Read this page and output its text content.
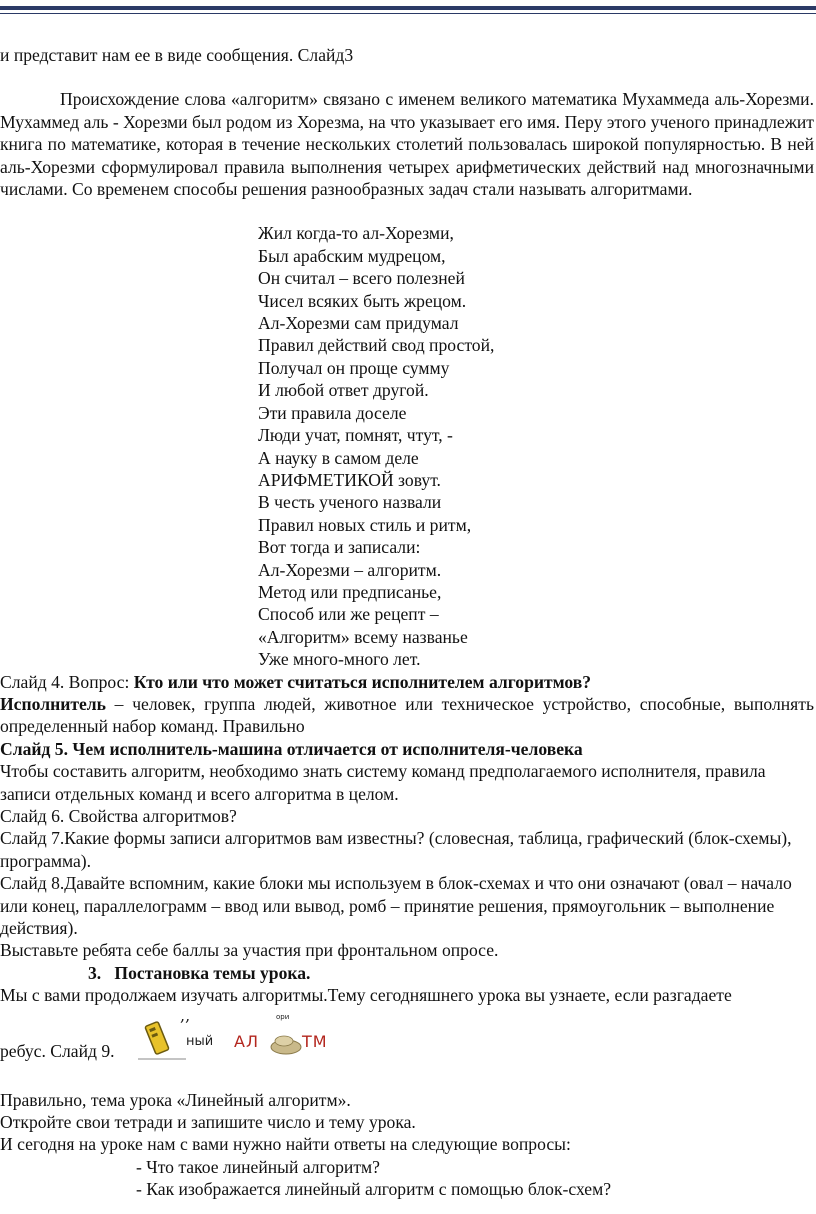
и представит нам ее в виде сообщения. Слайд3

Происхождение слова «алгоритм» связано с именем великого математика Мухаммеда аль-Хорезми. Мухаммед аль - Хорезми был родом из Хорезма, на что указывает его имя. Перу этого ученого принадлежит книга по математике, которая в течение нескольких столетий пользовалась широкой популярностью. В ней аль-Хорезми сформулировал правила выполнения четырех арифметических действий над многозначными числами. Со временем способы решения разнообразных задач стали называть алгоритмами.

Жил когда-то ал-Хорезми,
Был арабским мудрецом,
Он считал – всего полезней
Чисел всяких быть жрецом.
Ал-Хорезми сам придумал
Правил действий свод простой,
Получал он проще сумму
И любой ответ другой.
Эти правила доселе
Люди учат, помнят, чтут, -
А науку в самом деле
АРИФМЕТИКОЙ зовут.
В честь ученого назвали
Правил новых стиль и ритм,
Вот тогда и записали:
Ал-Хорезми – алгоритм.
Метод или предписанье,
Способ или же рецепт –
«Алгоритм» всему названье
Уже много-много лет.

Слайд 4. Вопрос: Кто или что может считаться исполнителем алгоритмов?

Исполнитель – человек, группа людей, животное или техническое устройство, способные, выполнять определенный набор команд. Правильно

Слайд 5. Чем исполнитель-машина отличается от исполнителя-человека

Чтобы составить алгоритм, необходимо знать систему команд предполагаемого исполнителя, правила записи отдельных команд и всего алгоритма в целом.

Слайд 6. Свойства алгоритмов?

Слайд 7.Какие формы записи алгоритмов вам известны? (словесная, таблица, графический (блок-схемы), программа).

Слайд 8.Давайте вспомним, какие блоки мы используем в блок-схемах и что они означают (овал – начало или конец, параллелограмм – ввод или вывод, ромб – принятие решения, прямоугольник – выполнение действия).

Выставьте ребята себе баллы за участия при фронтальном опросе.

3. Постановка темы урока.

Мы с вами продолжаем изучать алгоритмы.Тему сегодняшнего урока вы узнаете, если разгадаете

ребус. Слайд 9.
,,
ный АЛ
ори
ТМ

Правильно, тема урока «Линейный алгоритм».

Откройте свои тетради и запишите число и тему урока.

И сегодня на уроке нам с вами нужно найти ответы на следующие вопросы:

- Что такое линейный алгоритм?

- Как изображается линейный алгоритм с помощью блок-схем?
